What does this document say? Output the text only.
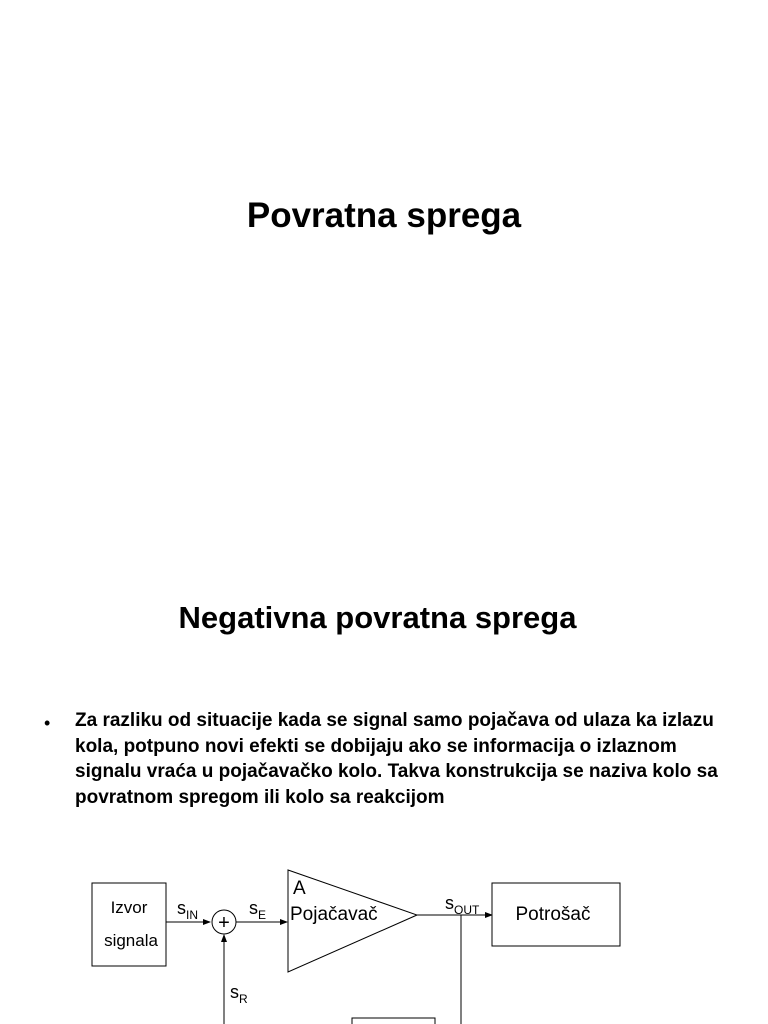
Povratna sprega
Negativna povratna sprega
• Za razliku od situacije kada se signal samo pojačava od ulaza ka izlazu kola, potpuno novi efekti se dobijaju ako se informacija o izlaznom signalu vraća u pojačavačko kolo. Takva konstrukcija se naziva kolo sa povratnom spregom ili kolo sa reakcijom
Izvor
signala
$s_{IN}$ +
$s_E$
A
Pojačavač
$s_{OUT}$ Potrošač
$s_R$
